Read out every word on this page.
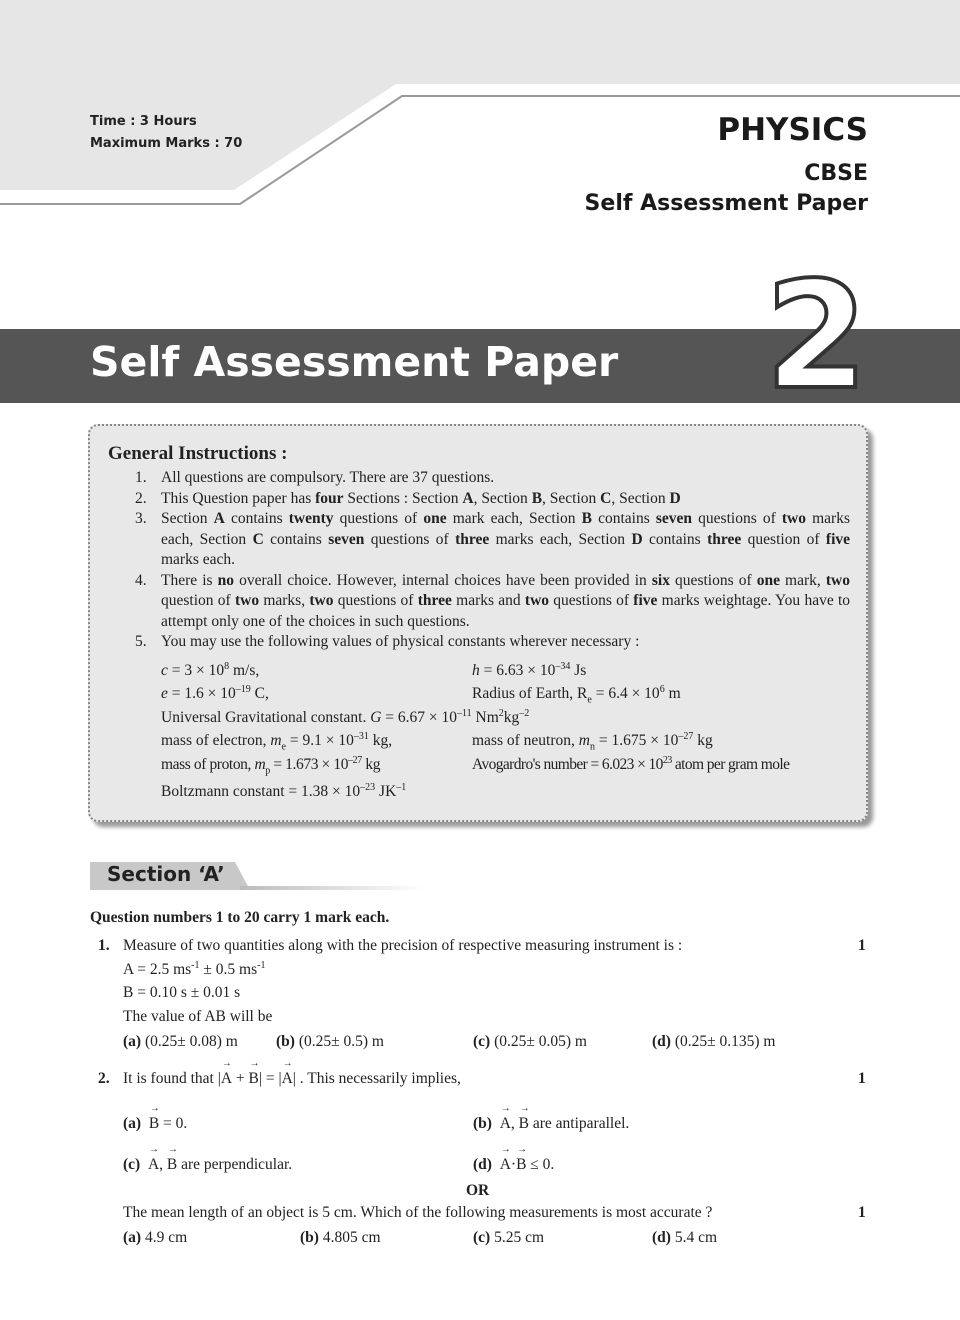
Time : 3 Hours
Maximum Marks : 70	PHYSICS
CBSE
Self Assessment Paper
Self Assessment Paper 2
General Instructions :
1. All questions are compulsory. There are 37 questions.
2. This Question paper has four Sections : Section A, Section B, Section C, Section D
3. Section A contains twenty questions of one mark each, Section B contains seven questions of two marks each, Section C contains seven questions of three marks each, Section D contains three question of five marks each.
4. There is no overall choice. However, internal choices have been provided in six questions of one mark, two question of two marks, two questions of three marks and two questions of five marks weightage. You have to attempt only one of the choices in such questions.
5. You may use the following values of physical constants wherever necessary :
$c = 3 \times 10^8$ m/s,	$h = 6.63 \times 10^{-34}$ Js
$e = 1.6 \times 10^{-19}$ C,	Radius of Earth, $R_e = 6.4 \times 10^6$ m
Universal Gravitational constant. $G = 6.67 \times 10^{-11}$ $Nm^2kg^{-2}$
mass of electron, $m_e = 9.1 \times 10^{-31}$ kg,	mass of neutron, $m_n = 1.675 \times 10^{-27}$ kg
mass of proton, $m_p = 1.673 \times 10^{-27}$ kg	Avogardro's number = $6.023 \times 10^{23}$ atom per gram mole
Boltzmann constant = $1.38 \times 10^{-23}$ $JK^{-1}$
Section ‘A’
Question numbers 1 to 20 carry 1 mark each.
1. Measure of two quantities along with the precision of respective measuring instrument is :	1
A = 2.5 $ms^{-1} \pm 0.5$ $ms^{-1}$
B = 0.10 s ± 0.01 s
The value of AB will be
(a) (0.25± 0.08) m (b) (0.25± 0.5) m	(c) (0.25± 0.05) m	(d) (0.25± 0.135) m
2. It is found that |→ A + → B| = |→ A| . This necessarily implies,	1
(a) → B = 0.	(b) → A, → B are antiparallel.
(c) → A, → B are perpendicular.	(d) → A·→ B ≤ 0.
OR
The mean length of an object is 5 cm. Which of the following measurements is most accurate ?	1
(a) 4.9 cm	(b) 4.805 cm	(c) 5.25 cm	(d) 5.4 cm
